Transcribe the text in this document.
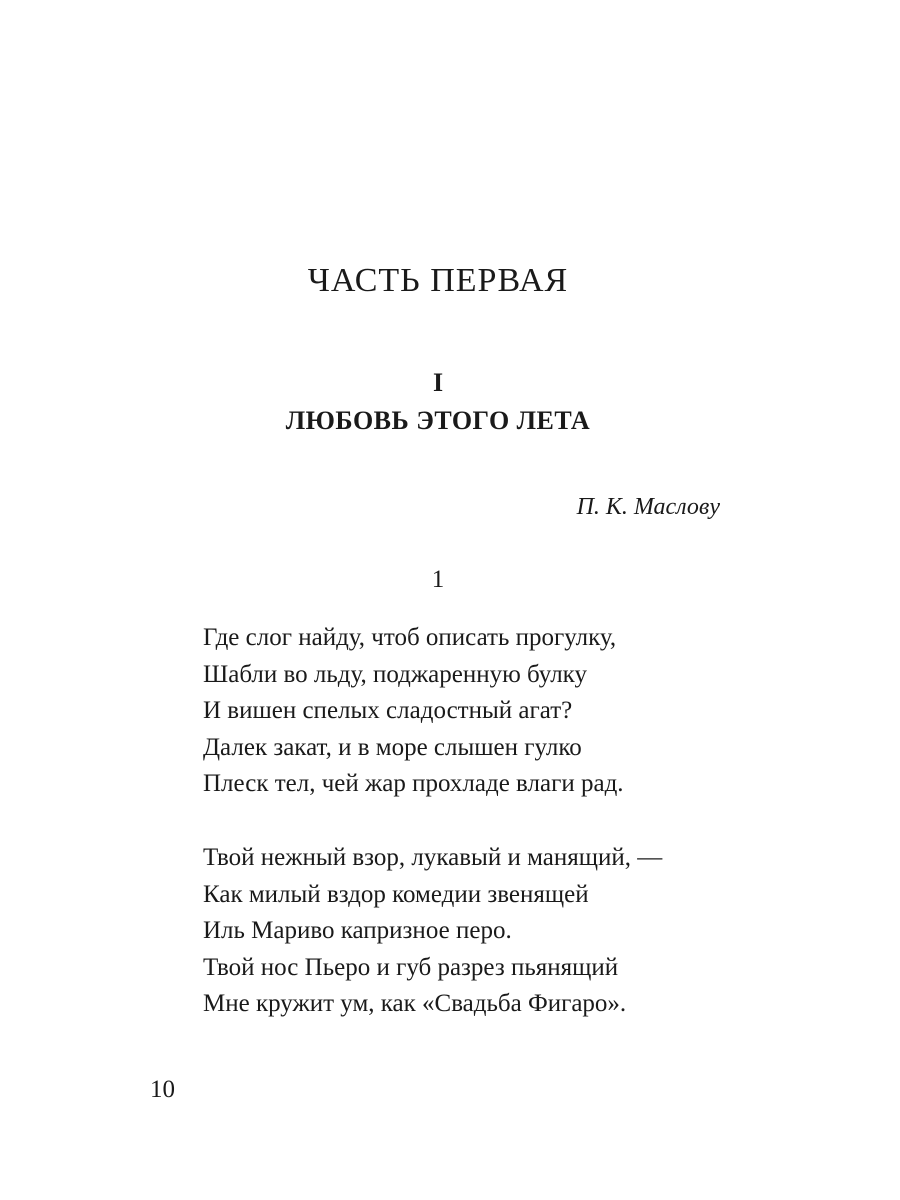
ЧАСТЬ ПЕРВАЯ
I
ЛЮБОВЬ ЭТОГО ЛЕТА

П. К. Маслову

1

Где слог найду, чтоб описать прогулку,
Шабли во льду, поджаренную булку
И вишен спелых сладостный агат?
Далек закат, и в море слышен гулко
Плеск тел, чей жар прохладе влаги рад.
Твой нежный взор, лукавый и манящий, —
Как милый вздор комедии звенящей
Иль Мариво капризное перо.
Твой нос Пьеро и губ разрез пьянящий
Мне кружит ум, как «Свадьба Фигаро».

10
